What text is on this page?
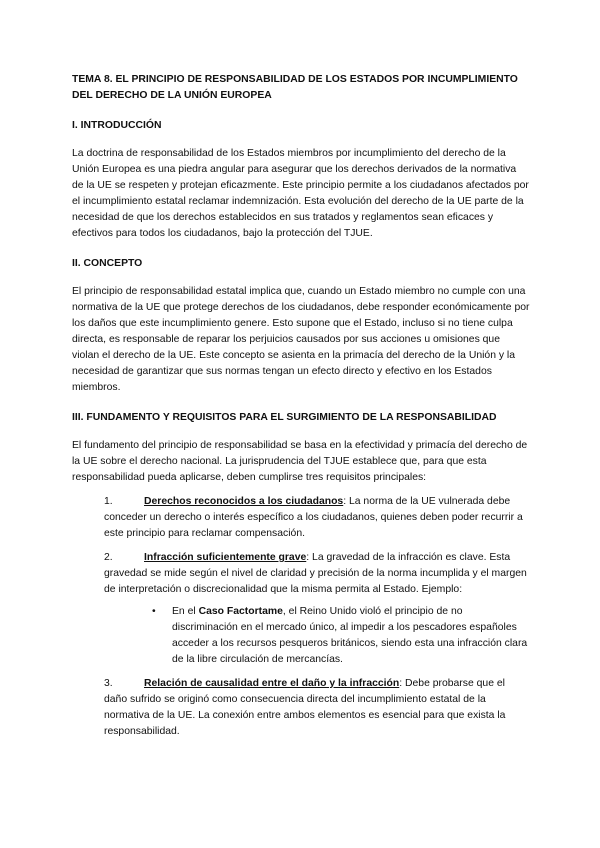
TEMA 8. EL PRINCIPIO DE RESPONSABILIDAD DE LOS ESTADOS POR INCUMPLIMIENTO DEL DERECHO DE LA UNIÓN EUROPEA

I. INTRODUCCIÓN

La doctrina de responsabilidad de los Estados miembros por incumplimiento del derecho de la Unión Europea es una piedra angular para asegurar que los derechos derivados de la normativa de la UE se respeten y protejan eficazmente. Este principio permite a los ciudadanos afectados por el incumplimiento estatal reclamar indemnización. Esta evolución del derecho de la UE parte de la necesidad de que los derechos establecidos en sus tratados y reglamentos sean eficaces y efectivos para todos los ciudadanos, bajo la protección del TJUE.

II. CONCEPTO

El principio de responsabilidad estatal implica que, cuando un Estado miembro no cumple con una normativa de la UE que protege derechos de los ciudadanos, debe responder económicamente por los daños que este incumplimiento genere. Esto supone que el Estado, incluso si no tiene culpa directa, es responsable de reparar los perjuicios causados por sus acciones u omisiones que violan el derecho de la UE. Este concepto se asienta en la primacía del derecho de la Unión y la necesidad de garantizar que sus normas tengan un efecto directo y efectivo en los Estados miembros.

III. FUNDAMENTO Y REQUISITOS PARA EL SURGIMIENTO DE LA RESPONSABILIDAD

El fundamento del principio de responsabilidad se basa en la efectividad y primacía del derecho de la UE sobre el derecho nacional. La jurisprudencia del TJUE establece que, para que esta responsabilidad pueda aplicarse, deben cumplirse tres requisitos principales:

1.	Derechos reconocidos a los ciudadanos: La norma de la UE vulnerada debe conceder un derecho o interés específico a los ciudadanos, quienes deben poder recurrir a este principio para reclamar compensación.
2.	Infracción suficientemente grave: La gravedad de la infracción es clave. Esta gravedad se mide según el nivel de claridad y precisión de la norma incumplida y el margen de interpretación o discrecionalidad que la misma permita al Estado. Ejemplo:
• En el Caso Factortame, el Reino Unido violó el principio de no discriminación en el mercado único, al impedir a los pescadores españoles acceder a los recursos pesqueros británicos, siendo esta una infracción clara de la libre circulación de mercancías.
3.	Relación de causalidad entre el daño y la infracción: Debe probarse que el daño sufrido se originó como consecuencia directa del incumplimiento estatal de la normativa de la UE. La conexión entre ambos elementos es esencial para que exista la responsabilidad.
